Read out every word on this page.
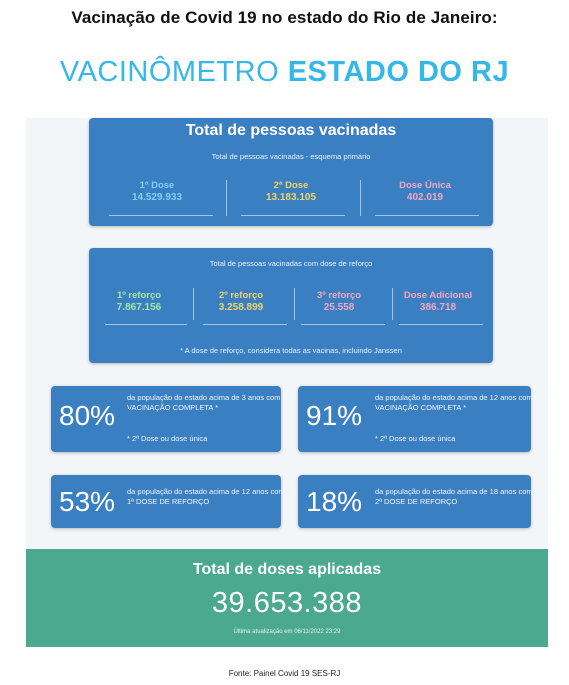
Vacinação de Covid 19 no estado do Rio de Janeiro:
VACINÔMETRO ESTADO DO RJ
Total de pessoas vacinadas
Total de pessoas vacinadas - esquema primário
1ª Dose
14.529.933
2ª Dose
13.183.105
Dose Única
402.019
Total de pessoas vacinadas com dose de reforço
1º reforço
7.867.156
2º reforço
3.258.899
3º reforço
25.558
Dose Adicional
386.718
* A dose de reforço, considera todas as vacinas, incluindo Janssen
80%
da população do estado acima de 3 anos com VACINAÇÃO COMPLETA *
* 2ª Dose ou dose única
91%
da população do estado acima de 12 anos com VACINAÇÃO COMPLETA *
* 2ª Dose ou dose única
53% da população do estado acima de 12 anos com 1ª DOSE DE REFORÇO	18% da população do estado acima de 18 anos com 2ª DOSE DE REFORÇO
Total de doses aplicadas
39.653.388
Última atualização em 06/11/2022 23:29
Fonte: Painel Covid 19 SES-RJ
